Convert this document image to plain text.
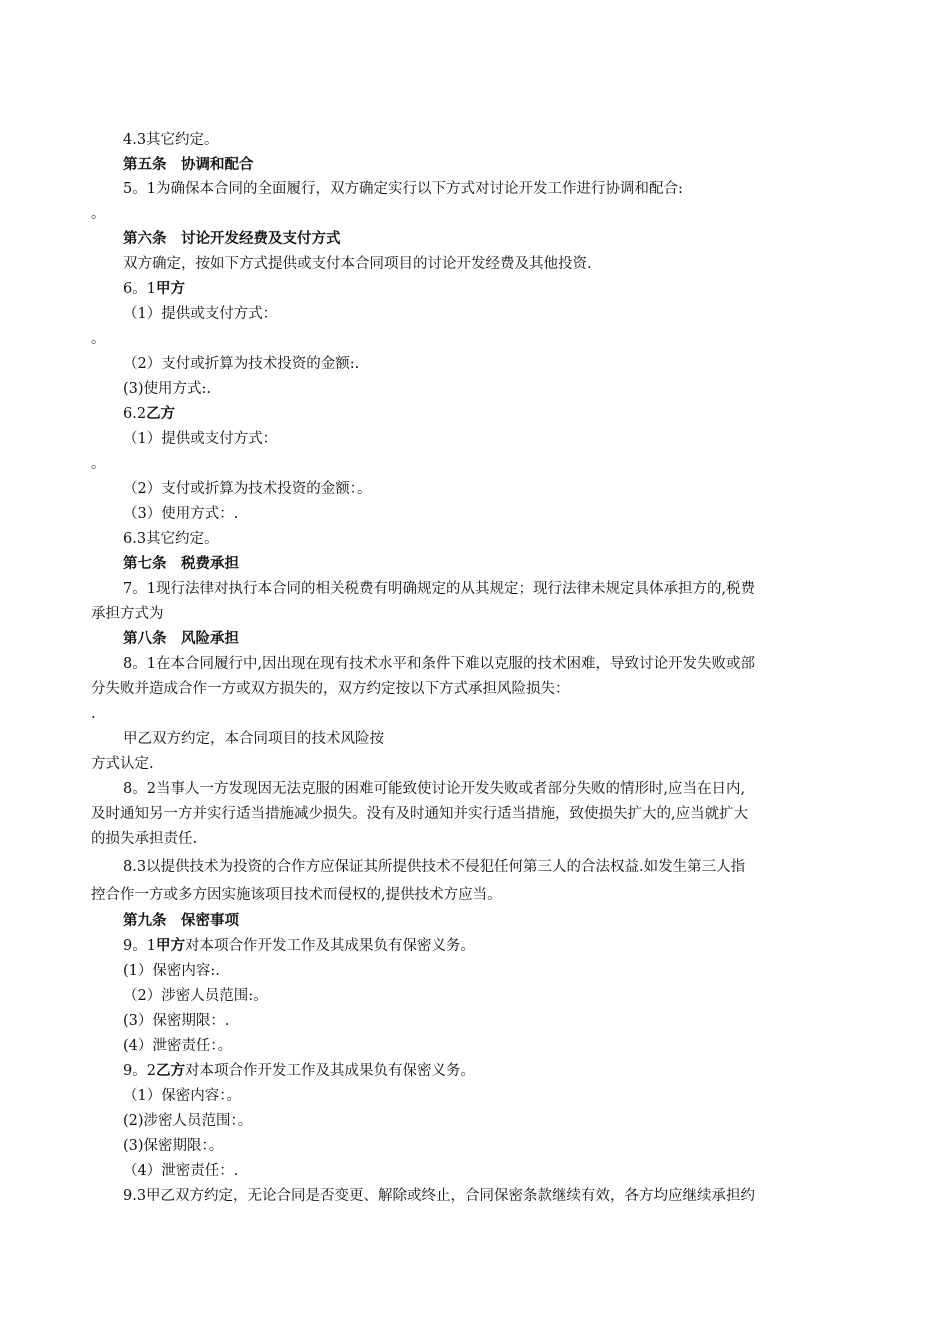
4.3其它约定。
第五条　协调和配合
5。1为确保本合同的全面履行，双方确定实行以下方式对讨论开发工作进行协调和配合:
。
第六条　讨论开发经费及支付方式
双方确定，按如下方式提供或支付本合同项目的讨论开发经费及其他投资.
6。1甲方
（1）提供或支付方式：
。
（2）支付或折算为技术投资的金额:.
(3)使用方式:.
6.2乙方
（1）提供或支付方式：
。
（2）支付或折算为技术投资的金额：。
（3）使用方式：.
6.3其它约定。
第七条　税费承担
7。1现行法律对执行本合同的相关税费有明确规定的从其规定；现行法律未规定具体承担方的,税费
承担方式为
第八条　风险承担
8。1在本合同履行中,因出现在现有技术水平和条件下难以克服的技术困难，导致讨论开发失败或部
分失败并造成合作一方或双方损失的，双方约定按以下方式承担风险损失：
.
甲乙双方约定，本合同项目的技术风险按
方式认定.
8。2当事人一方发现因无法克服的困难可能致使讨论开发失败或者部分失败的情形时,应当在日内,
及时通知另一方并实行适当措施减少损失。没有及时通知并实行适当措施，致使损失扩大的,应当就扩大
的损失承担责任.
8.3以提供技术为投资的合作方应保证其所提供技术不侵犯任何第三人的合法权益.如发生第三人指
控合作一方或多方因实施该项目技术而侵权的,提供技术方应当。
第九条　保密事项
9。1甲方对本项合作开发工作及其成果负有保密义务。
(1）保密内容:.
（2）涉密人员范围:。
(3）保密期限：.
(4）泄密责任：。
9。2乙方对本项合作开发工作及其成果负有保密义务。
（1）保密内容：。
(2)涉密人员范围：。
(3)保密期限：。
（4）泄密责任：.
9.3甲乙双方约定，无论合同是否变更、解除或终止，合同保密条款继续有效，各方均应继续承担约
